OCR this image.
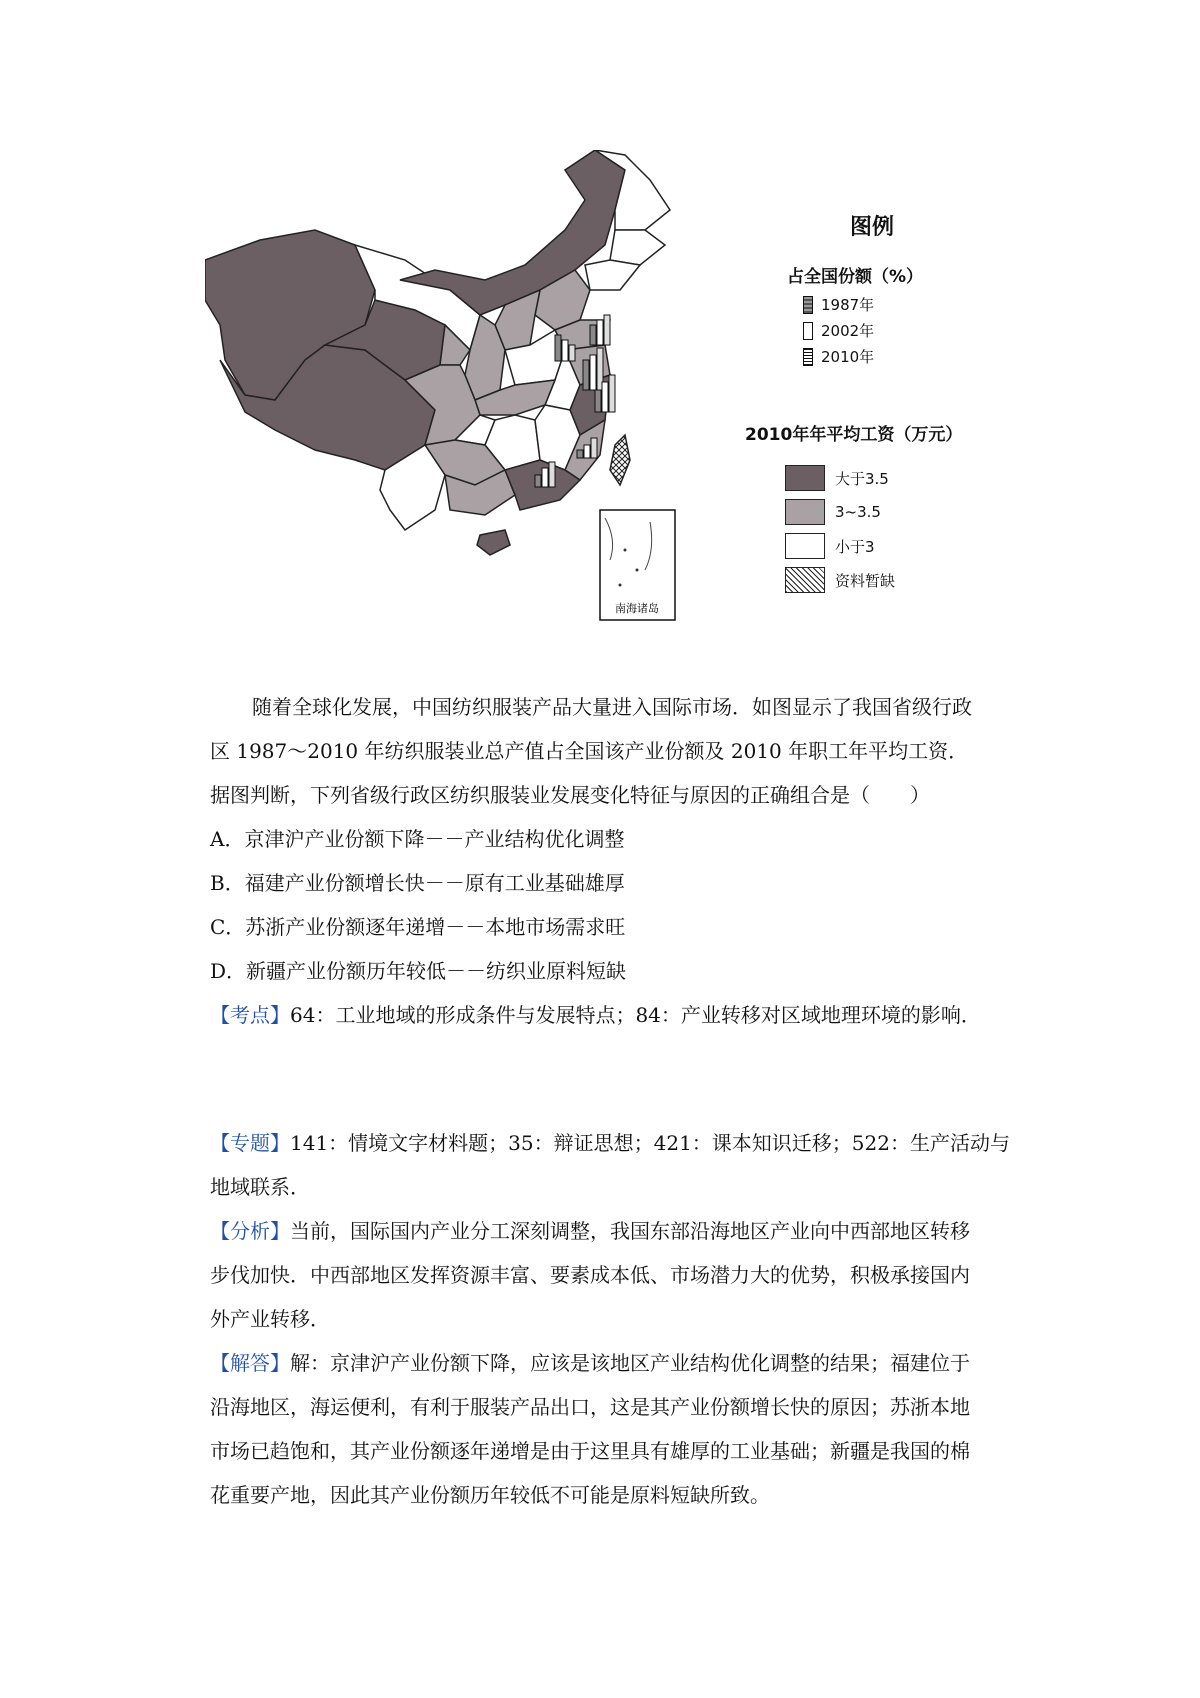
南海诸岛
图例
占全国份额（%）
1987年
2002年
2010年
2010年年平均工资（万元）
大于3.5
3~3.5
小于3
资料暂缺
随着全球化发展，中国纺织服装产品大量进入国际市场．如图显示了我国省级行政
区 1987～2010 年纺织服装业总产值占全国该产业份额及 2010 年职工年平均工资．
据图判断，下列省级行政区纺织服装业发展变化特征与原因的正确组合是（　　）
A．京津沪产业份额下降－－产业结构优化调整
B．福建产业份额增长快－－原有工业基础雄厚
C．苏浙产业份额逐年递增－－本地市场需求旺
D．新疆产业份额历年较低－－纺织业原料短缺
【考点】64：工业地域的形成条件与发展特点；84：产业转移对区域地理环境的影响．
【专题】141：情境文字材料题；35：辩证思想；421：课本知识迁移；522：生产活动与
地域联系．
【分析】当前，国际国内产业分工深刻调整，我国东部沿海地区产业向中西部地区转移
步伐加快．中西部地区发挥资源丰富、要素成本低、市场潜力大的优势，积极承接国内
外产业转移．
【解答】解：京津沪产业份额下降，应该是该地区产业结构优化调整的结果；福建位于
沿海地区，海运便利，有利于服装产品出口，这是其产业份额增长快的原因；苏浙本地
市场已趋饱和，其产业份额逐年递增是由于这里具有雄厚的工业基础；新疆是我国的棉
花重要产地，因此其产业份额历年较低不可能是原料短缺所致。
